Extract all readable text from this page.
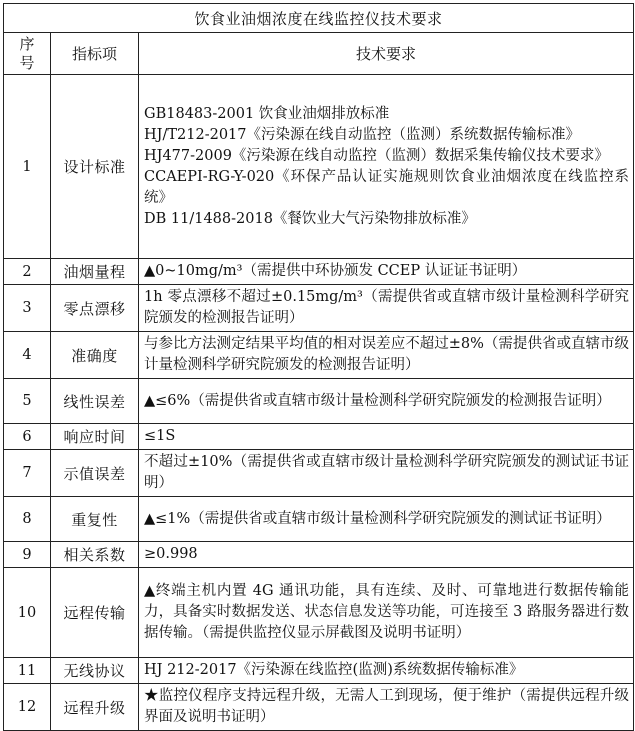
饮食业油烟浓度在线监控仪技术要求		

序
号	指标项	技术要求
1	设计标准	GB18483-2001 饮食业油烟排放标准
HJ/T212-2017《污染源在线自动监控（监测）系统数据传输标准》
HJ477-2009《污染源在线自动监控（监测）数据采集传输仪技术要求》
CCAEPI-RG-Y-020《环保产品认证实施规则饮食业油烟浓度在线监控系统》
DB 11/1488-2018《餐饮业大气污染物排放标准》

2	油烟量程	▲0~10mg/m³（需提供中环协颁发 CCEP 认证证书证明）
3	零点漂移	1h 零点漂移不超过±0.15mg/m³（需提供省或直辖市级计量检测科学研究院颁发的检测报告证明）
4	准确度	与参比方法测定结果平均值的相对误差应不超过±8%（需提供省或直辖市级计量检测科学研究院颁发的检测报告证明）
5	线性误差	▲≤6%（需提供省或直辖市级计量检测科学研究院颁发的检测报告证明）
6	响应时间	≤1S
7	示值误差	不超过±10%（需提供省或直辖市级计量检测科学研究院颁发的测试证书证明）
8	重复性	▲≤1%（需提供省或直辖市级计量检测科学研究院颁发的测试证书证明）
9	相关系数	≥0.998
10	远程传输	▲终端主机内置 4G 通讯功能，具有连续、及时、可靠地进行数据传输能力，具备实时数据发送、状态信息发送等功能，可连接至 3 路服务器进行数据传输。（需提供监控仪显示屏截图及说明书证明）
11	无线协议	HJ 212-2017《污染源在线监控(监测)系统数据传输标准》
12	远程升级	★监控仪程序支持远程升级，无需人工到现场，便于维护（需提供远程升级界面及说明书证明）
